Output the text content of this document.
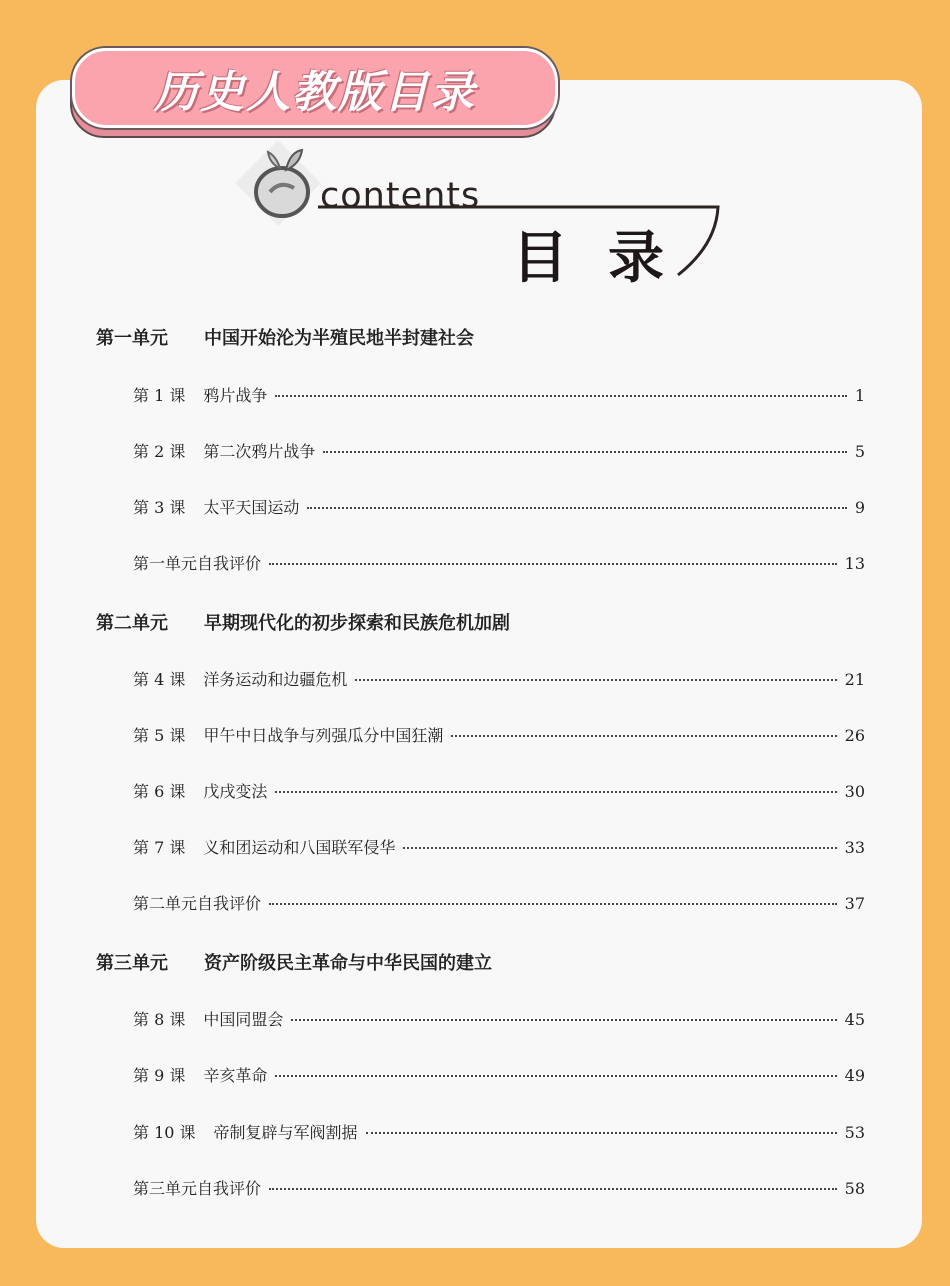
历史人教版目录
contents
目录
第一单元 中国开始沦为半殖民地半封建社会
第 1 课 鸦片战争	1
第 2 课 第二次鸦片战争	5
第 3 课 太平天国运动	9
第一单元自我评价	13
第二单元 早期现代化的初步探索和民族危机加剧
第 4 课 洋务运动和边疆危机	21
第 5 课 甲午中日战争与列强瓜分中国狂潮	26
第 6 课 戊戌变法	30
第 7 课 义和团运动和八国联军侵华	33
第二单元自我评价	37
第三单元 资产阶级民主革命与中华民国的建立
第 8 课 中国同盟会	45
第 9 课 辛亥革命	49
第 10 课 帝制复辟与军阀割据	53
第三单元自我评价	58
